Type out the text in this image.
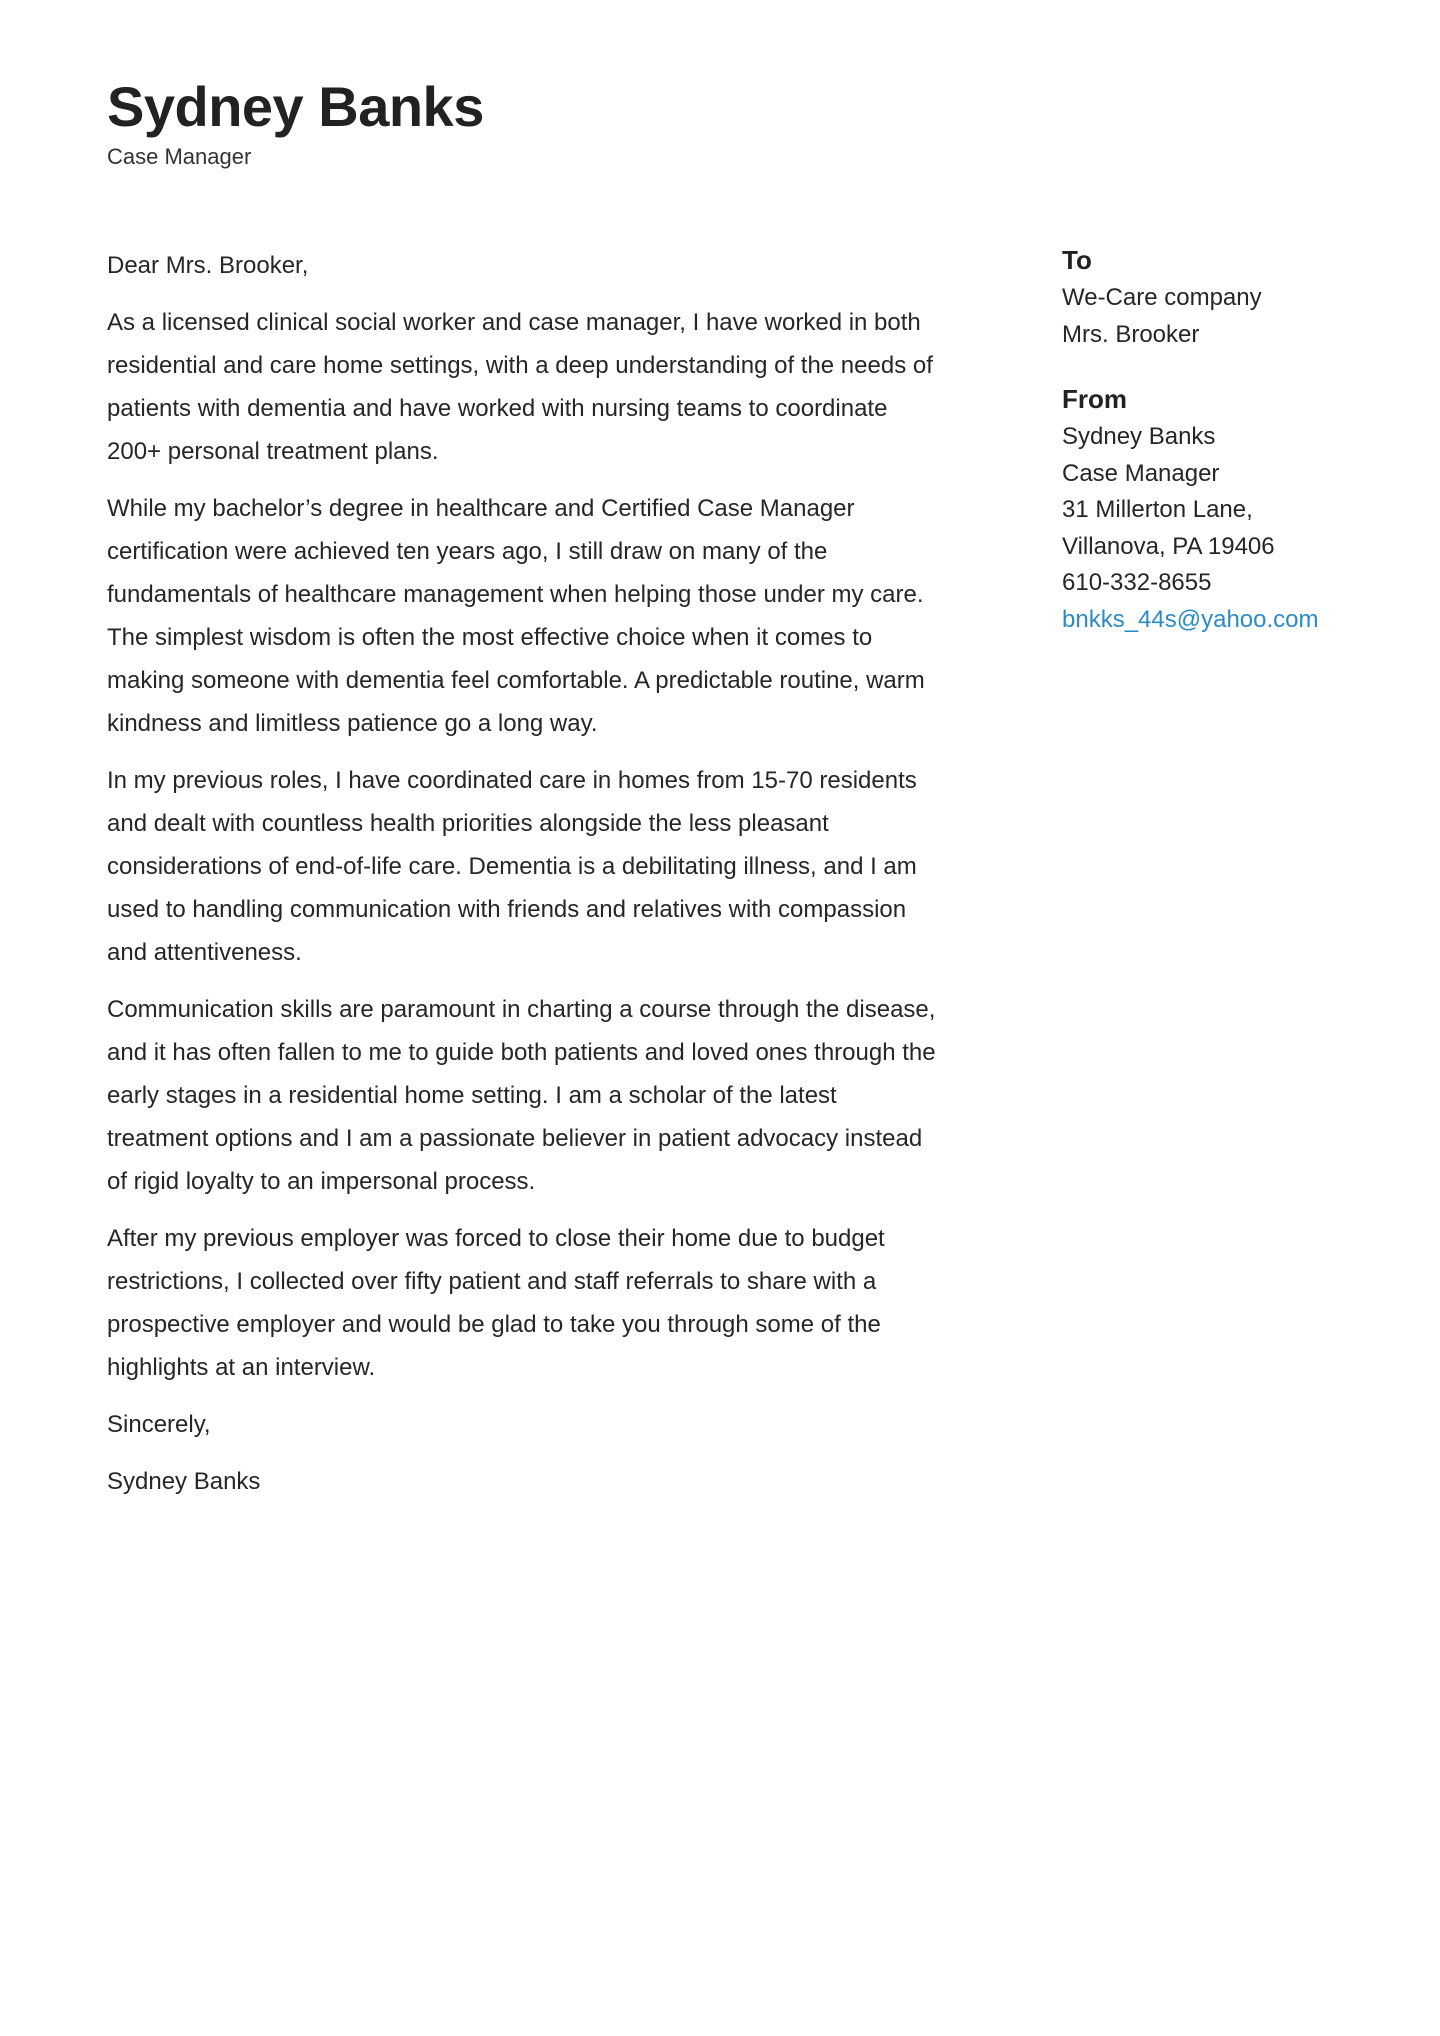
Sydney Banks

Case Manager

Dear Mrs. Brooker,

As a licensed clinical social worker and case manager, I have worked in both residential and care home settings, with a deep understanding of the needs of patients with dementia and have worked with nursing teams to coordinate 200+ personal treatment plans.

While my bachelor’s degree in healthcare and Certified Case Manager certification were achieved ten years ago, I still draw on many of the fundamentals of healthcare management when helping those under my care. The simplest wisdom is often the most effective choice when it comes to making someone with dementia feel comfortable. A predictable routine, warm kindness and limitless patience go a long way.

In my previous roles, I have coordinated care in homes from 15-70 residents and dealt with countless health priorities alongside the less pleasant considerations of end-of-life care. Dementia is a debilitating illness, and I am used to handling communication with friends and relatives with compassion and attentiveness.

Communication skills are paramount in charting a course through the disease, and it has often fallen to me to guide both patients and loved ones through the early stages in a residential home setting. I am a scholar of the latest treatment options and I am a passionate believer in patient advocacy instead of rigid loyalty to an impersonal process.

After my previous employer was forced to close their home due to budget restrictions, I collected over fifty patient and staff referrals to share with a prospective employer and would be glad to take you through some of the highlights at an interview.

Sincerely,

Sydney Banks

To

We-Care company

Mrs. Brooker

From

Sydney Banks

Case Manager

31 Millerton Lane,

Villanova, PA 19406

610-332-8655

bnkks_44s@yahoo.com
